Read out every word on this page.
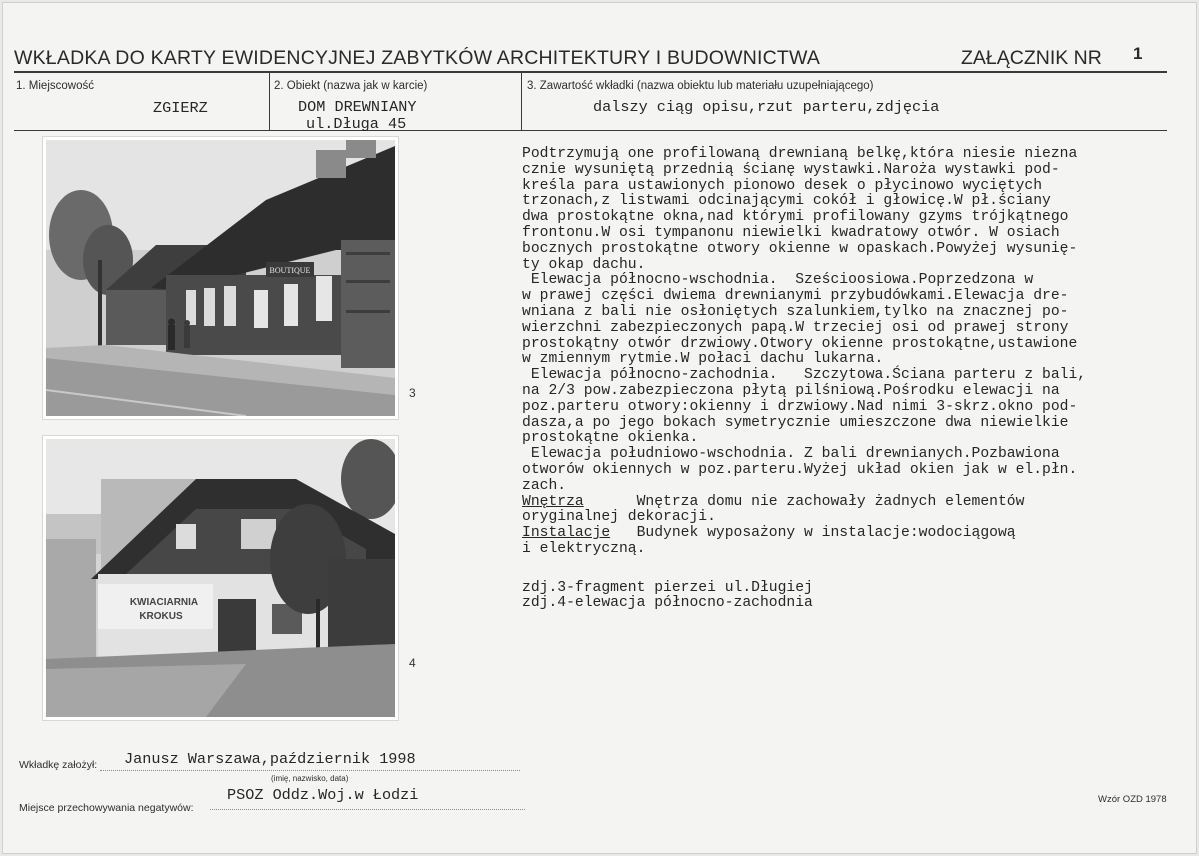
WKŁADKA DO KARTY EWIDENCYJNEJ ZABYTKÓW ARCHITEKTURY I BUDOWNICTWA	ZAŁĄCZNIK NR 1
1. Miejscowość
ZGIERZ
2. Obiekt (nazwa jak w karcie)
DOM DREWNIANY
ul.Długa 45
3. Zawartość wkładki (nazwa obiektu lub materiału uzupełniającego)
dalszy ciąg opisu,rzut parteru,zdjęcia
BOUTIQUE
3
KWIACIARNIA
KROKUS
4
Podtrzymują one profilowaną drewnianą belkę,która niesie niezna
cznie wysuniętą przednią ścianę wystawki.Naroża wystawki pod-
kreśla para ustawionych pionowo desek o płycinowo wyciętych
trzonach,z listwami odcinającymi cokół i głowicę.W pł.ściany
dwa prostokątne okna,nad którymi profilowany gzyms trójkątnego
frontonu.W osi tympanonu niewielki kwadratowy otwór. W osiach
bocznych prostokątne otwory okienne w opaskach.Powyżej wysunię-
ty okap dachu.
Elewacja północno-wschodnia.  Sześcioosiowa.Poprzedzona w
w prawej części dwiema drewnianymi przybudówkami.Elewacja dre-
wniana z bali nie osłoniętych szalunkiem,tylko na znacznej po-
wierzchni zabezpieczonych papą.W trzeciej osi od prawej strony
prostokątny otwór drzwiowy.Otwory okienne prostokątne,ustawione
w zmiennym rytmie.W połaci dachu lukarna.
Elewacja północno-zachodnia.   Szczytowa.Ściana parteru z bali,
na 2/3 pow.zabezpieczona płytą pilśniową.Pośrodku elewacji na
poz.parteru otwory:okienny i drzwiowy.Nad nimi 3-skrz.okno pod-
dasza,a po jego bokach symetrycznie umieszczone dwa niewielkie
prostokątne okienka.
Elewacja południowo-wschodnia. Z bali drewnianych.Pozbawiona
otworów okiennych w poz.parteru.Wyżej układ okien jak w el.płn.
zach.
Wnętrza      Wnętrza domu nie zachowały żadnych elementów
oryginalnej dekoracji.
Instalacje   Budynek wyposażony w instalacje:wodociągową
i elektryczną.

zdj.3-fragment pierzei ul.Długiej
zdj.4-elewacja północno-zachodnia
Wkładkę założył: Janusz Warszawa,październik 1998
(imię, nazwisko, data)
Miejsce przechowywania negatywów:
PSOZ Oddz.Woj.w Łodzi	Wzór OZD 1978
